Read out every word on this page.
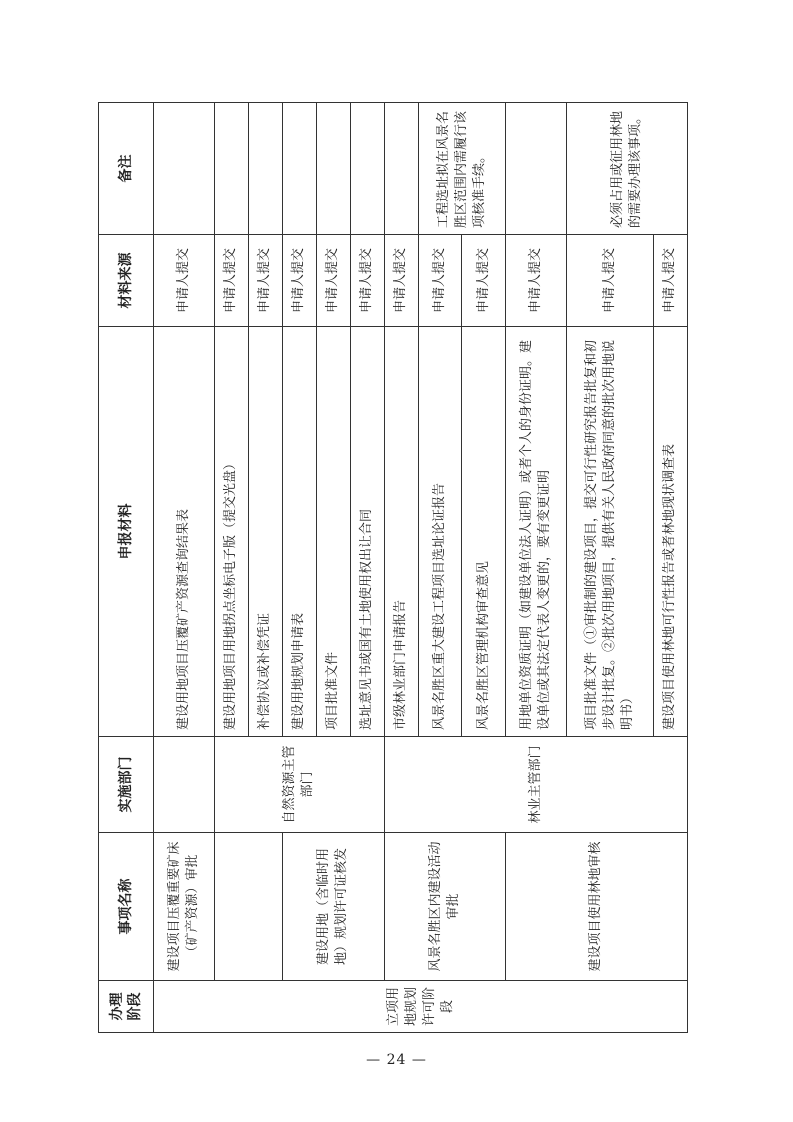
办理阶段	事项名称	实施部门	申报材料	材料来源	备注
立项用地规划许可阶段	建设项目压覆重要矿床（矿产资源）审批		建设用地项目压覆矿产资源查询结果表	申请人提交	
		自然资源主管部门	建设用地项目用地拐点坐标电子版（提交光盘）	申请人提交	
			补偿协议或补偿凭证	申请人提交	
	建设用地（含临时用地）规划许可证核发		建设用地规划申请表	申请人提交	
			项目批准文件	申请人提交	
			选址意见书或国有土地使用权出让合同	申请人提交	
	风景名胜区内建设活动审批	林业主管部门	市级林业部门申请报告	申请人提交	
			风景名胜区重大建设工程项目选址论证报告	申请人提交	工程选址拟在风景名胜区范围内需履行该项核准手续。
			风景名胜区管理机构审查意见	申请人提交	
	建设项目使用林地审核		用地单位资质证明（如建设单位法人证明）或者个人的身份证明。建设单位或其法定代表人变更的，要有变更证明	申请人提交	
			项目批准文件（①审批制的建设项目，提交可行性研究报告批复和初步设计批复。②批次用地项目，提供有关人民政府同意的批次用地说明书）	申请人提交	必须占用或征用林地的需要办理该事项。
			建设项目使用林地可行性报告或者林地现状调查表	申请人提交	
— 24 —
